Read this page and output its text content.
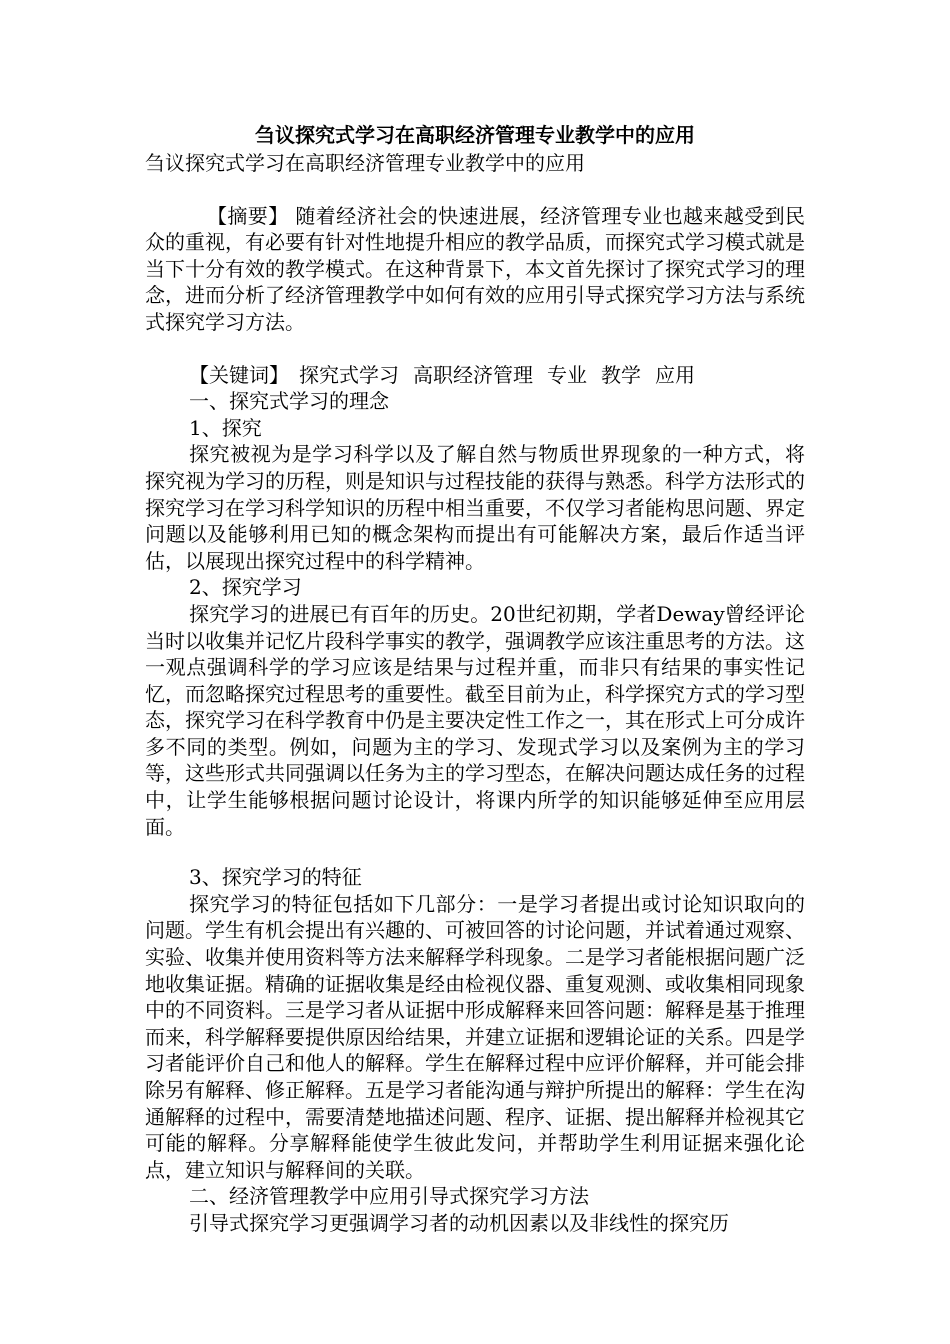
刍议探究式学习在高职经济管理专业教学中的应用

刍议探究式学习在高职经济管理专业教学中的应用

【摘要】 随着经济社会的快速进展，经济管理专业也越来越受到民众的重视，有必要有针对性地提升相应的教学品质，而探究式学习模式就是当下十分有效的教学模式。在这种背景下，本文首先探讨了探究式学习的理念，进而分析了经济管理教学中如何有效的应用引导式探究学习方法与系统式探究学习方法。

【关键词】 探究式学习 高职经济管理 专业 教学 应用

一、探究式学习的理念

1、探究

探究被视为是学习科学以及了解自然与物质世界现象的一种方式，将探究视为学习的历程，则是知识与过程技能的获得与熟悉。科学方法形式的探究学习在学习科学知识的历程中相当重要，不仅学习者能构思问题、界定问题以及能够利用已知的概念架构而提出有可能解决方案，最后作适当评估，以展现出探究过程中的科学精神。

2、探究学习

探究学习的进展已有百年的历史。20世纪初期，学者Deway曾经评论当时以收集并记忆片段科学事实的教学，强调教学应该注重思考的方法。这一观点强调科学的学习应该是结果与过程并重，而非只有结果的事实性记忆，而忽略探究过程思考的重要性。截至目前为止，科学探究方式的学习型态，探究学习在科学教育中仍是主要决定性工作之一，其在形式上可分成许多不同的类型。例如，问题为主的学习、发现式学习以及案例为主的学习等，这些形式共同强调以任务为主的学习型态，在解决问题达成任务的过程中，让学生能够根据问题讨论设计，将课内所学的知识能够延伸至应用层面。

3、探究学习的特征

探究学习的特征包括如下几部分：一是学习者提出或讨论知识取向的问题。学生有机会提出有兴趣的、可被回答的讨论问题，并试着通过观察、实验、收集并使用资料等方法来解释学科现象。二是学习者能根据问题广泛地收集证据。精确的证据收集是经由检视仪器、重复观测、或收集相同现象中的不同资料。三是学习者从证据中形成解释来回答问题：解释是基于推理而来，科学解释要提供原因给结果，并建立证据和逻辑论证的关系。四是学习者能评价自己和他人的解释。学生在解释过程中应评价解释，并可能会排除另有解释、修正解释。五是学习者能沟通与辩护所提出的解释：学生在沟通解释的过程中，需要清楚地描述问题、程序、证据、提出解释并检视其它可能的解释。分享解释能使学生彼此发问，并帮助学生利用证据来强化论点，建立知识与解释间的关联。

二、经济管理教学中应用引导式探究学习方法

引导式探究学习更强调学习者的动机因素以及非线性的探究历
